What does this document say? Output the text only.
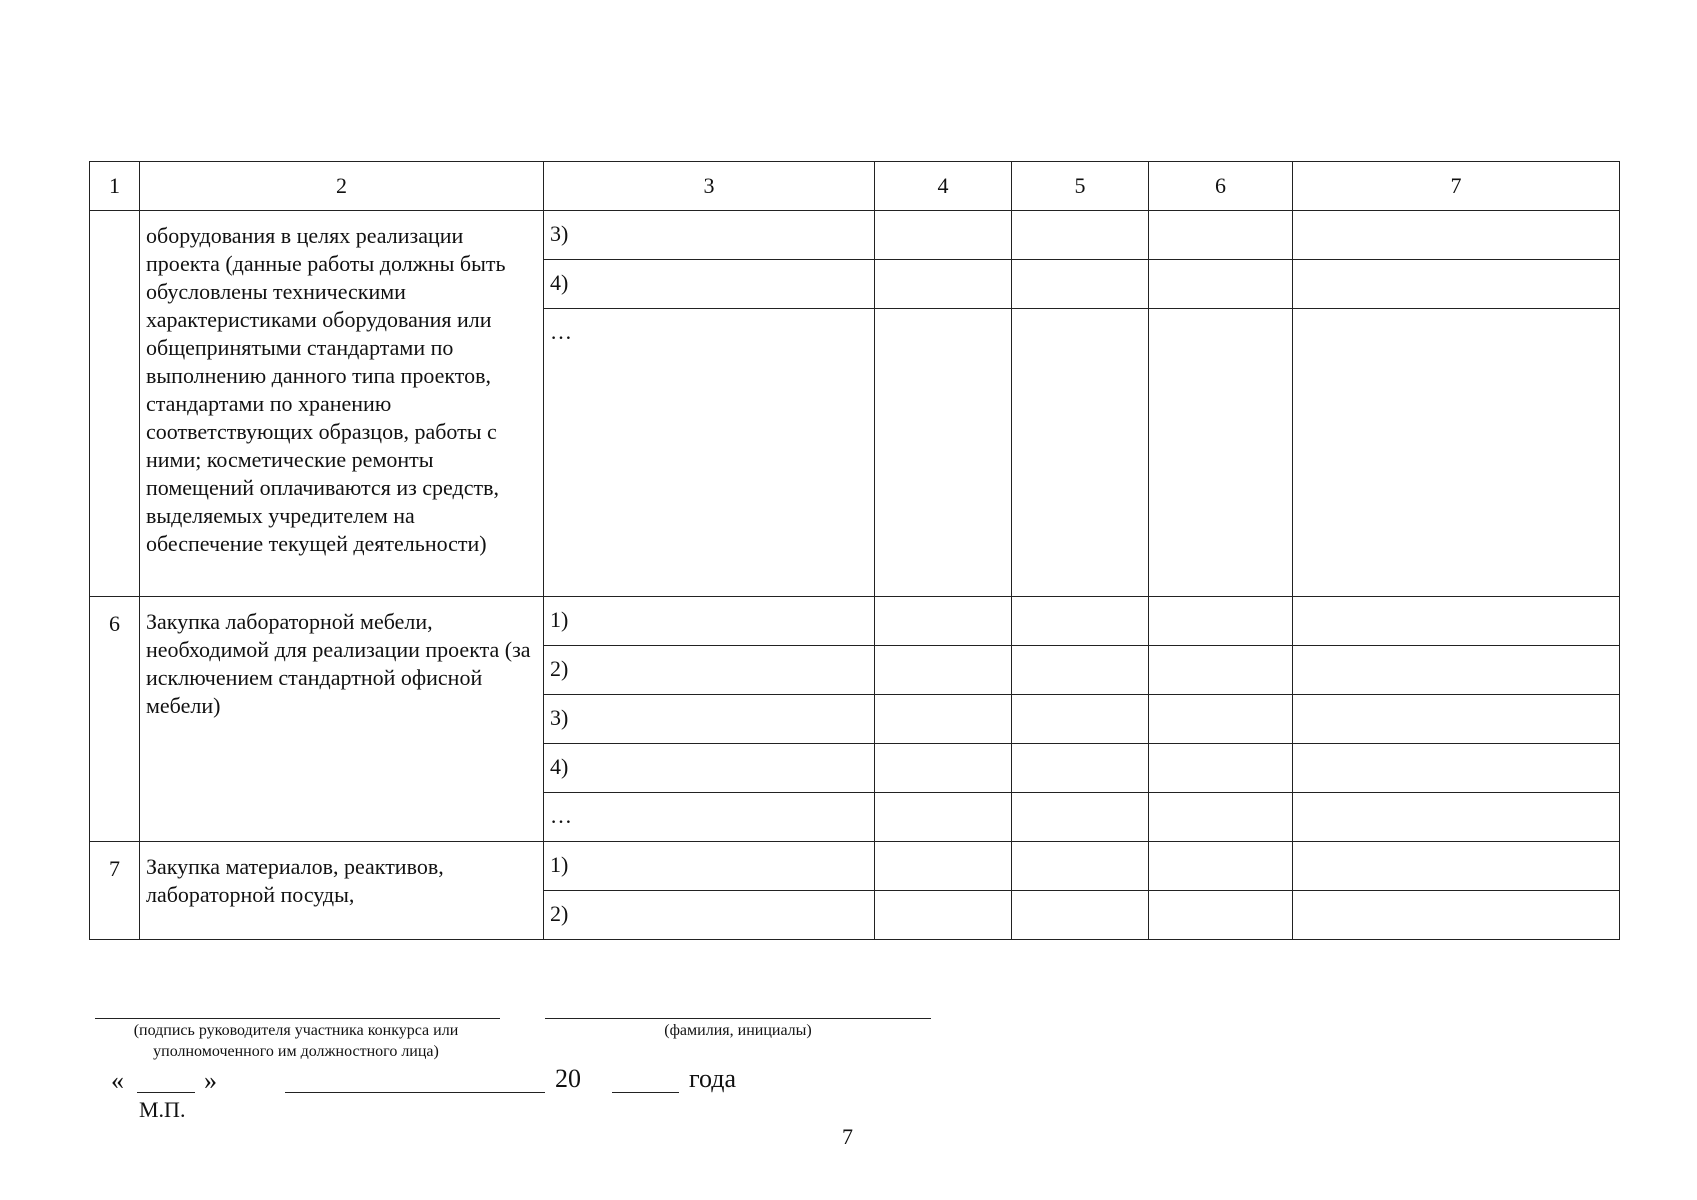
1	2	3	4	5	6	7
	оборудования в целях реализации проекта (данные работы должны быть обусловлены техническими характеристиками оборудования или общепринятыми стандартами по выполнению данного типа проектов, стандартами по хранению соответствующих образцов, работы с ними; косметические ремонты помещений оплачиваются из средств, выделяемых учредителем на обеспечение текущей деятельности)	3)				
		4)				
		…				
6	Закупка лабораторной мебели, необходимой для реализации проекта (за исключением стандартной офисной мебели)	1)				
		2)				
		3)				
		4)				
		…				
7	Закупка материалов, реактивов, лабораторной посуды,	1)				
		2)				
(подпись руководителя участника конкурса или уполномоченного им должностного лица)
(фамилия, инициалы)
«	»	20	года
М.П.
7
